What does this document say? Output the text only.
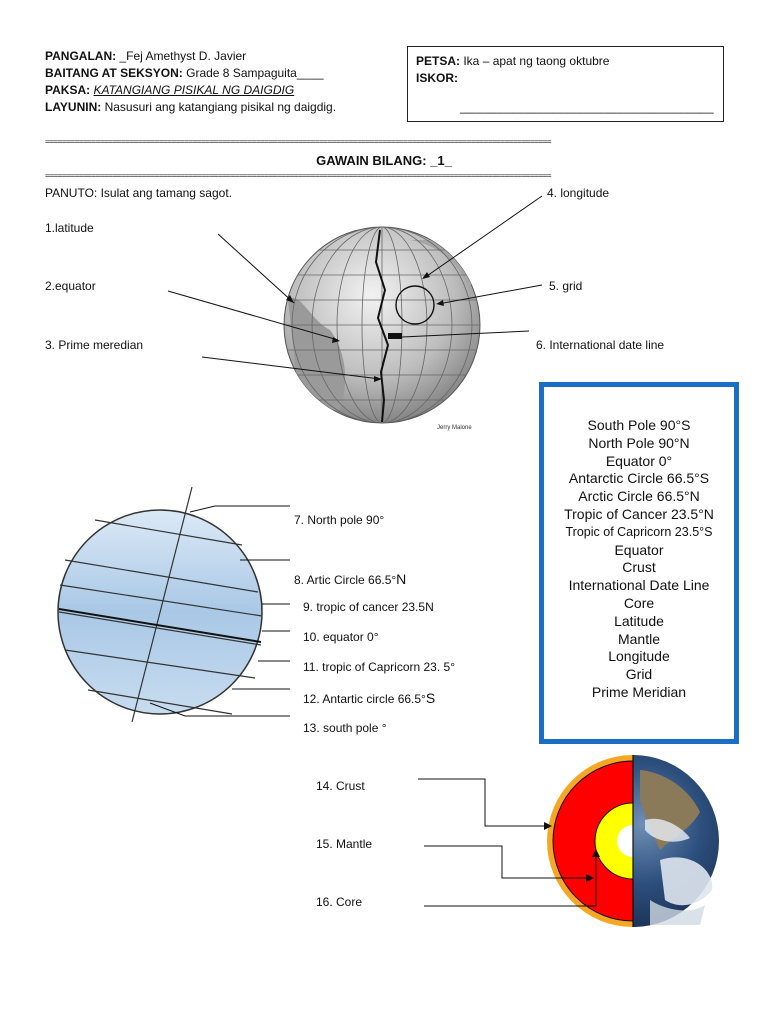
PANGALAN: _Fej Amethyst D. Javier
BAITANG AT SEKSYON: Grade 8 Sampaguita____
PAKSA: KATANGIANG PISIKAL NG DAIGDIG
LAYUNIN: Nasusuri ang katangiang pisikal ng daigdig.
PETSA: Ika – apat ng taong oktubre
ISKOR:
______________________________________
========================================================================================================================
GAWAIN BILANG: _1_
========================================================================================================================
PANUTO: Isulat ang tamang sagot.
1.latitude
2.equator
3. Prime meredian
4. longitude
5. grid
6. International date line
7. North pole 90°
8. Artic Circle 66.5°N
9. tropic of cancer 23.5N
10. equator 0°
11. tropic of Capricorn 23. 5°
12. Antartic circle 66.5°S
13. south pole °
14. Crust
15. Mantle
16. Core
South Pole 90°S
North Pole 90°N
Equator 0°
Antarctic Circle 66.5°S
Arctic Circle 66.5°N
Tropic of Cancer 23.5°N
Tropic of Capricorn 23.5°S
Equator
Crust
International Date Line
Core
Latitude
Mantle
Longitude
Grid
Prime Meridian
Jerry Malone
